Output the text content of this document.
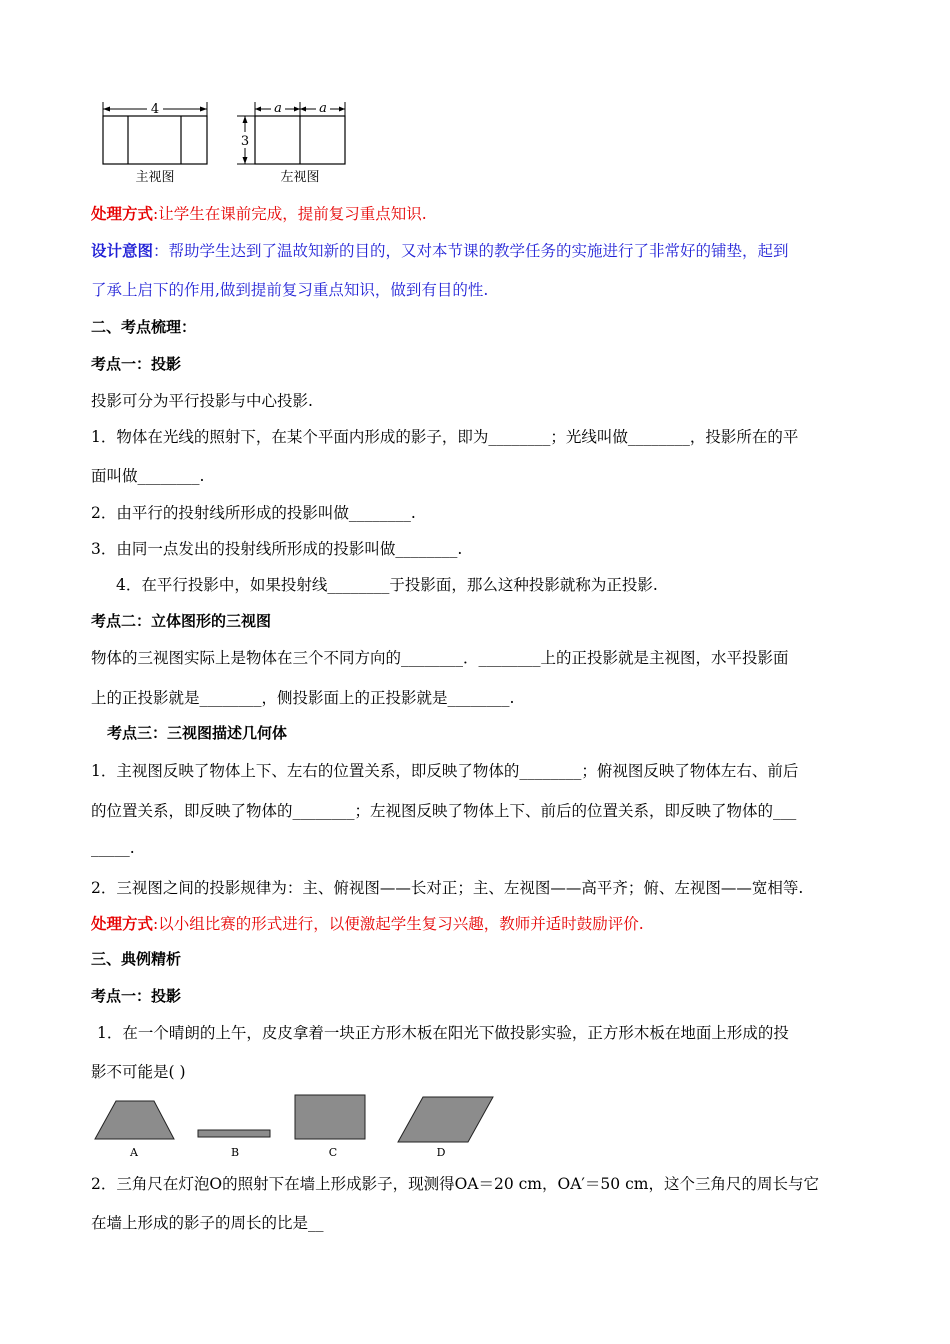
4
主视图
a	a
3
左视图
处理方式:让学生在课前完成，提前复习重点知识.
设计意图：帮助学生达到了温故知新的目的，又对本节课的教学任务的实施进行了非常好的铺垫，起到
了承上启下的作用,做到提前复习重点知识，做到有目的性.
二、考点梳理：
考点一：投影
投影可分为平行投影与中心投影.
1．物体在光线的照射下，在某个平面内形成的影子，即为________；光线叫做________，投影所在的平
面叫做________.
2．由平行的投射线所形成的投影叫做________.
3．由同一点发出的投射线所形成的投影叫做________.
4．在平行投影中，如果投射线________于投影面，那么这种投影就称为正投影.
考点二：立体图形的三视图
物体的三视图实际上是物体在三个不同方向的________．________上的正投影就是主视图，水平投影面
上的正投影就是________，侧投影面上的正投影就是________.
考点三：三视图描述几何体
1．主视图反映了物体上下、左右的位置关系，即反映了物体的________；俯视图反映了物体左右、前后
的位置关系，即反映了物体的________；左视图反映了物体上下、前后的位置关系，即反映了物体的___
_____.
2．三视图之间的投影规律为：主、俯视图——长对正；主、左视图——高平齐；俯、左视图——宽相等.
处理方式:以小组比赛的形式进行，以便激起学生复习兴趣，教师并适时鼓励评价.
三、典例精析
考点一：投影
1．在一个晴朗的上午，皮皮拿着一块正方形木板在阳光下做投影实验，正方形木板在地面上形成的投
影不可能是( )
A	B	C	D
2．三角尺在灯泡O的照射下在墙上形成影子，现测得OA＝20 cm，OA′＝50 cm，这个三角尺的周长与它
在墙上形成的影子的周长的比是__
